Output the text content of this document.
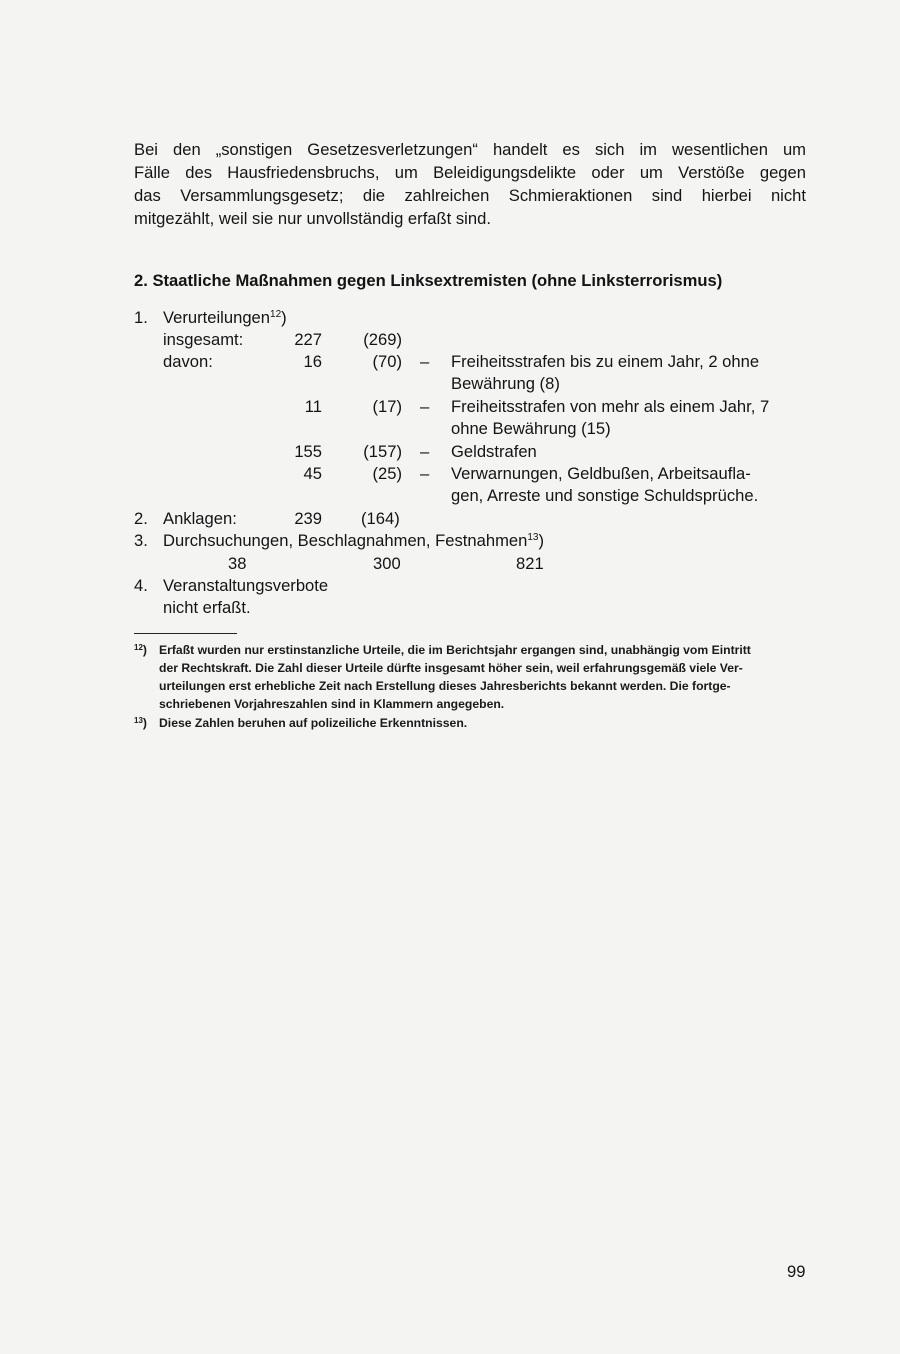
Bei den „sonstigen Gesetzesverletzungen“ handelt es sich im wesentlichen um
Fälle des Hausfriedensbruchs, um Beleidigungsdelikte oder um Verstöße gegen
das Versammlungsgesetz; die zahlreichen Schmieraktionen sind hierbei nicht
mitgezählt, weil sie nur unvollständig erfaßt sind.
2. Staatliche Maßnahmen gegen Linksextremisten (ohne Linksterrorismus)
1. Verurteilungen$^{12}$)
insgesamt:	227	(269)
davon:	16	(70) – Freiheitsstrafen bis zu einem Jahr, 2 ohne
Bewährung (8)
11	(17) – Freiheitsstrafen von mehr als einem Jahr, 7
ohne Bewährung (15)
155	(157) – Geldstrafen
45	(25) – Verwarnungen, Geldbußen, Arbeitsaufla-
gen, Arreste und sonstige Schuldsprüche.
2. Anklagen:	239 (164)
3. Durchsuchungen, Beschlagnahmen, Festnahmen$^{13}$)
38	300	821
4. Veranstaltungsverbote
nicht erfaßt.
$^{12}$) Erfaßt wurden nur erstinstanzliche Urteile, die im Berichtsjahr ergangen sind, unabhängig vom Eintritt
der Rechtskraft. Die Zahl dieser Urteile dürfte insgesamt höher sein, weil erfahrungsgemäß viele Ver-
urteilungen erst erhebliche Zeit nach Erstellung dieses Jahresberichts bekannt werden. Die fortge-
schriebenen Vorjahreszahlen sind in Klammern angegeben.
$^{13}$) Diese Zahlen beruhen auf polizeiliche Erkenntnissen.
99
